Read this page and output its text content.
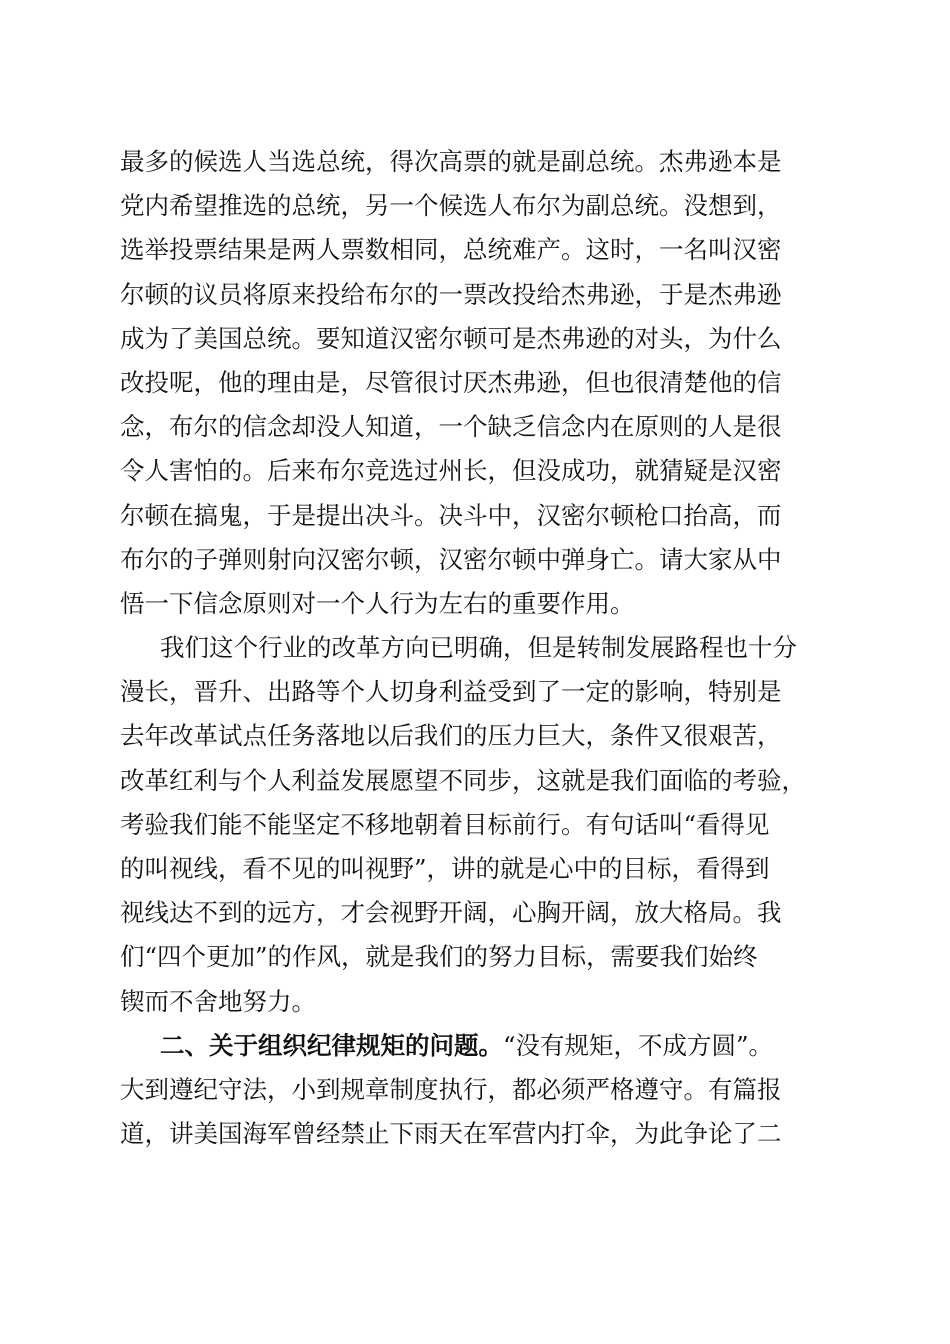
最多的候选人当选总统，得次高票的就是副总统。杰弗逊本是
党内希望推选的总统，另一个候选人布尔为副总统。没想到，
选举投票结果是两人票数相同，总统难产。这时，一名叫汉密
尔顿的议员将原来投给布尔的一票改投给杰弗逊，于是杰弗逊
成为了美国总统。要知道汉密尔顿可是杰弗逊的对头，为什么
改投呢，他的理由是，尽管很讨厌杰弗逊，但也很清楚他的信
念，布尔的信念却没人知道，一个缺乏信念内在原则的人是很
令人害怕的。后来布尔竞选过州长，但没成功，就猜疑是汉密
尔顿在搞鬼，于是提出决斗。决斗中，汉密尔顿枪口抬高，而
布尔的子弹则射向汉密尔顿，汉密尔顿中弹身亡。请大家从中
悟一下信念原则对一个人行为左右的重要作用。
我们这个行业的改革方向已明确，但是转制发展路程也十分
漫长，晋升、出路等个人切身利益受到了一定的影响，特别是
去年改革试点任务落地以后我们的压力巨大，条件又很艰苦，
改革红利与个人利益发展愿望不同步，这就是我们面临的考验，
考验我们能不能坚定不移地朝着目标前行。有句话叫“看得见
的叫视线，看不见的叫视野”，讲的就是心中的目标，看得到
视线达不到的远方，才会视野开阔，心胸开阔，放大格局。我
们“四个更加”的作风，就是我们的努力目标，需要我们始终
锲而不舍地努力。
二、关于组织纪律规矩的问题。“没有规矩，不成方圆”。
大到遵纪守法，小到规章制度执行，都必须严格遵守。有篇报
道，讲美国海军曾经禁止下雨天在军营内打伞，为此争论了二
